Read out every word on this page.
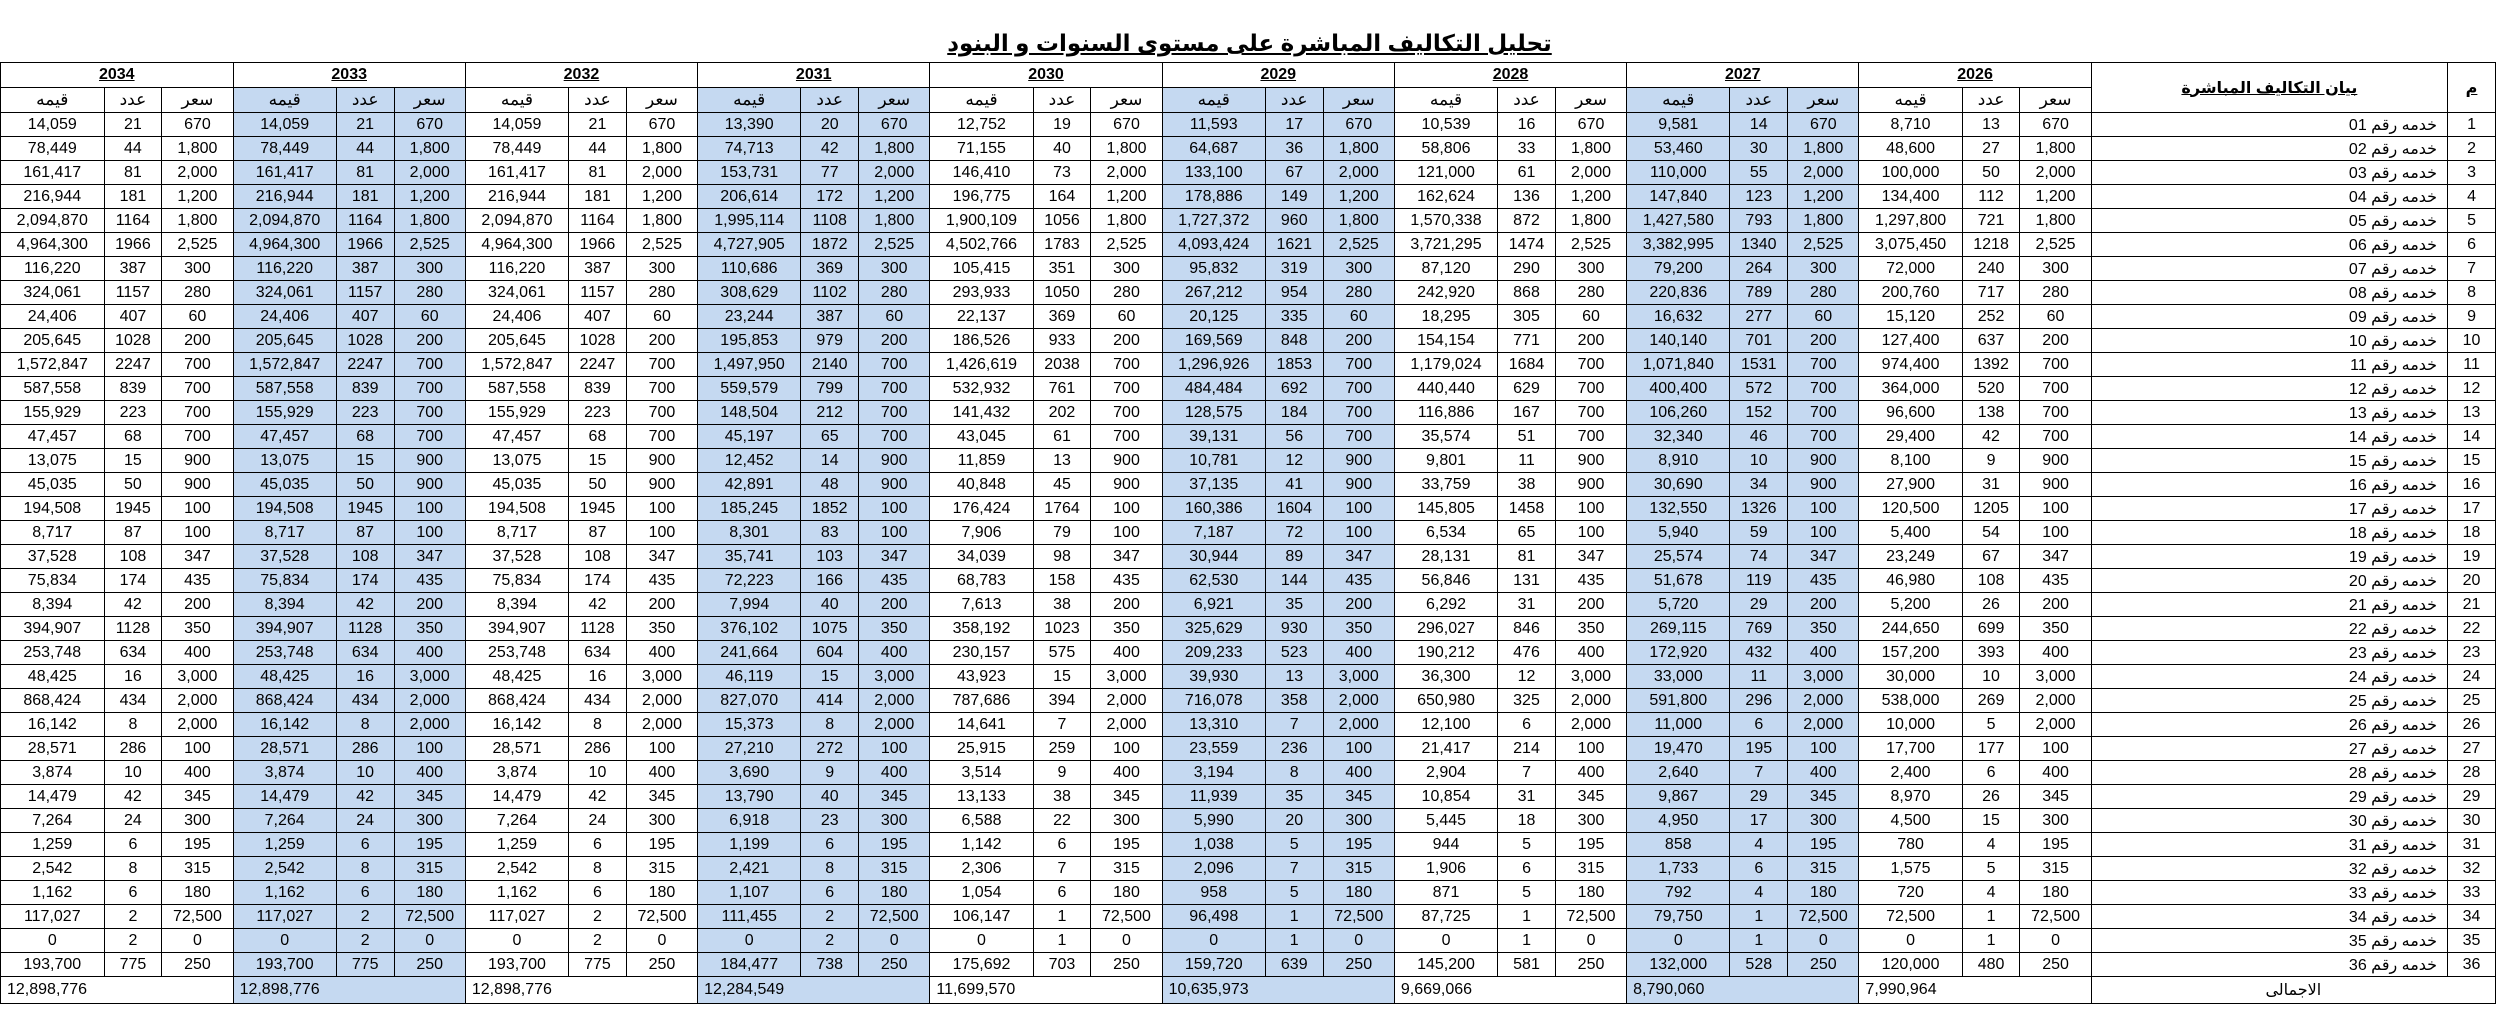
تحليل التكاليف المباشرة على مستوى السنوات و البنود
م	بيان التكاليف المباشرة	2026			2027			2028			2029			2030			2031			2032			2033			2034		
		سعر	عدد	قيمه	سعر	عدد	قيمه	سعر	عدد	قيمه	سعر	عدد	قيمه	سعر	عدد	قيمه	سعر	عدد	قيمه	سعر	عدد	قيمه	سعر	عدد	قيمه	سعر	عدد	قيمه
1	خدمه رقم 01	670	13	8,710	670	14	9,581	670	16	10,539	670	17	11,593	670	19	12,752	670	20	13,390	670	21	14,059	670	21	14,059	670	21	14,059
2	خدمه رقم 02	1,800	27	48,600	1,800	30	53,460	1,800	33	58,806	1,800	36	64,687	1,800	40	71,155	1,800	42	74,713	1,800	44	78,449	1,800	44	78,449	1,800	44	78,449
3	خدمه رقم 03	2,000	50	100,000	2,000	55	110,000	2,000	61	121,000	2,000	67	133,100	2,000	73	146,410	2,000	77	153,731	2,000	81	161,417	2,000	81	161,417	2,000	81	161,417
4	خدمه رقم 04	1,200	112	134,400	1,200	123	147,840	1,200	136	162,624	1,200	149	178,886	1,200	164	196,775	1,200	172	206,614	1,200	181	216,944	1,200	181	216,944	1,200	181	216,944
5	خدمه رقم 05	1,800	721	1,297,800	1,800	793	1,427,580	1,800	872	1,570,338	1,800	960	1,727,372	1,800	1056	1,900,109	1,800	1108	1,995,114	1,800	1164	2,094,870	1,800	1164	2,094,870	1,800	1164	2,094,870
6	خدمه رقم 06	2,525	1218	3,075,450	2,525	1340	3,382,995	2,525	1474	3,721,295	2,525	1621	4,093,424	2,525	1783	4,502,766	2,525	1872	4,727,905	2,525	1966	4,964,300	2,525	1966	4,964,300	2,525	1966	4,964,300
7	خدمه رقم 07	300	240	72,000	300	264	79,200	300	290	87,120	300	319	95,832	300	351	105,415	300	369	110,686	300	387	116,220	300	387	116,220	300	387	116,220
8	خدمه رقم 08	280	717	200,760	280	789	220,836	280	868	242,920	280	954	267,212	280	1050	293,933	280	1102	308,629	280	1157	324,061	280	1157	324,061	280	1157	324,061
9	خدمه رقم 09	60	252	15,120	60	277	16,632	60	305	18,295	60	335	20,125	60	369	22,137	60	387	23,244	60	407	24,406	60	407	24,406	60	407	24,406
10	خدمه رقم 10	200	637	127,400	200	701	140,140	200	771	154,154	200	848	169,569	200	933	186,526	200	979	195,853	200	1028	205,645	200	1028	205,645	200	1028	205,645
11	خدمه رقم 11	700	1392	974,400	700	1531	1,071,840	700	1684	1,179,024	700	1853	1,296,926	700	2038	1,426,619	700	2140	1,497,950	700	2247	1,572,847	700	2247	1,572,847	700	2247	1,572,847
12	خدمه رقم 12	700	520	364,000	700	572	400,400	700	629	440,440	700	692	484,484	700	761	532,932	700	799	559,579	700	839	587,558	700	839	587,558	700	839	587,558
13	خدمه رقم 13	700	138	96,600	700	152	106,260	700	167	116,886	700	184	128,575	700	202	141,432	700	212	148,504	700	223	155,929	700	223	155,929	700	223	155,929
14	خدمه رقم 14	700	42	29,400	700	46	32,340	700	51	35,574	700	56	39,131	700	61	43,045	700	65	45,197	700	68	47,457	700	68	47,457	700	68	47,457
15	خدمه رقم 15	900	9	8,100	900	10	8,910	900	11	9,801	900	12	10,781	900	13	11,859	900	14	12,452	900	15	13,075	900	15	13,075	900	15	13,075
16	خدمه رقم 16	900	31	27,900	900	34	30,690	900	38	33,759	900	41	37,135	900	45	40,848	900	48	42,891	900	50	45,035	900	50	45,035	900	50	45,035
17	خدمه رقم 17	100	1205	120,500	100	1326	132,550	100	1458	145,805	100	1604	160,386	100	1764	176,424	100	1852	185,245	100	1945	194,508	100	1945	194,508	100	1945	194,508
18	خدمه رقم 18	100	54	5,400	100	59	5,940	100	65	6,534	100	72	7,187	100	79	7,906	100	83	8,301	100	87	8,717	100	87	8,717	100	87	8,717
19	خدمه رقم 19	347	67	23,249	347	74	25,574	347	81	28,131	347	89	30,944	347	98	34,039	347	103	35,741	347	108	37,528	347	108	37,528	347	108	37,528
20	خدمه رقم 20	435	108	46,980	435	119	51,678	435	131	56,846	435	144	62,530	435	158	68,783	435	166	72,223	435	174	75,834	435	174	75,834	435	174	75,834
21	خدمه رقم 21	200	26	5,200	200	29	5,720	200	31	6,292	200	35	6,921	200	38	7,613	200	40	7,994	200	42	8,394	200	42	8,394	200	42	8,394
22	خدمه رقم 22	350	699	244,650	350	769	269,115	350	846	296,027	350	930	325,629	350	1023	358,192	350	1075	376,102	350	1128	394,907	350	1128	394,907	350	1128	394,907
23	خدمه رقم 23	400	393	157,200	400	432	172,920	400	476	190,212	400	523	209,233	400	575	230,157	400	604	241,664	400	634	253,748	400	634	253,748	400	634	253,748
24	خدمه رقم 24	3,000	10	30,000	3,000	11	33,000	3,000	12	36,300	3,000	13	39,930	3,000	15	43,923	3,000	15	46,119	3,000	16	48,425	3,000	16	48,425	3,000	16	48,425
25	خدمه رقم 25	2,000	269	538,000	2,000	296	591,800	2,000	325	650,980	2,000	358	716,078	2,000	394	787,686	2,000	414	827,070	2,000	434	868,424	2,000	434	868,424	2,000	434	868,424
26	خدمه رقم 26	2,000	5	10,000	2,000	6	11,000	2,000	6	12,100	2,000	7	13,310	2,000	7	14,641	2,000	8	15,373	2,000	8	16,142	2,000	8	16,142	2,000	8	16,142
27	خدمه رقم 27	100	177	17,700	100	195	19,470	100	214	21,417	100	236	23,559	100	259	25,915	100	272	27,210	100	286	28,571	100	286	28,571	100	286	28,571
28	خدمه رقم 28	400	6	2,400	400	7	2,640	400	7	2,904	400	8	3,194	400	9	3,514	400	9	3,690	400	10	3,874	400	10	3,874	400	10	3,874
29	خدمه رقم 29	345	26	8,970	345	29	9,867	345	31	10,854	345	35	11,939	345	38	13,133	345	40	13,790	345	42	14,479	345	42	14,479	345	42	14,479
30	خدمه رقم 30	300	15	4,500	300	17	4,950	300	18	5,445	300	20	5,990	300	22	6,588	300	23	6,918	300	24	7,264	300	24	7,264	300	24	7,264
31	خدمه رقم 31	195	4	780	195	4	858	195	5	944	195	5	1,038	195	6	1,142	195	6	1,199	195	6	1,259	195	6	1,259	195	6	1,259
32	خدمه رقم 32	315	5	1,575	315	6	1,733	315	6	1,906	315	7	2,096	315	7	2,306	315	8	2,421	315	8	2,542	315	8	2,542	315	8	2,542
33	خدمه رقم 33	180	4	720	180	4	792	180	5	871	180	5	958	180	6	1,054	180	6	1,107	180	6	1,162	180	6	1,162	180	6	1,162
34	خدمه رقم 34	72,500	1	72,500	72,500	1	79,750	72,500	1	87,725	72,500	1	96,498	72,500	1	106,147	72,500	2	111,455	72,500	2	117,027	72,500	2	117,027	72,500	2	117,027
35	خدمه رقم 35	0	1	0	0	1	0	0	1	0	0	1	0	0	1	0	0	2	0	0	2	0	0	2	0	0	2	0
36	خدمه رقم 36	250	480	120,000	250	528	132,000	250	581	145,200	250	639	159,720	250	703	175,692	250	738	184,477	250	775	193,700	250	775	193,700	250	775	193,700
الاجمالى		7,990,964			8,790,060			9,669,066			10,635,973			11,699,570			12,284,549			12,898,776			12,898,776			12,898,776		
